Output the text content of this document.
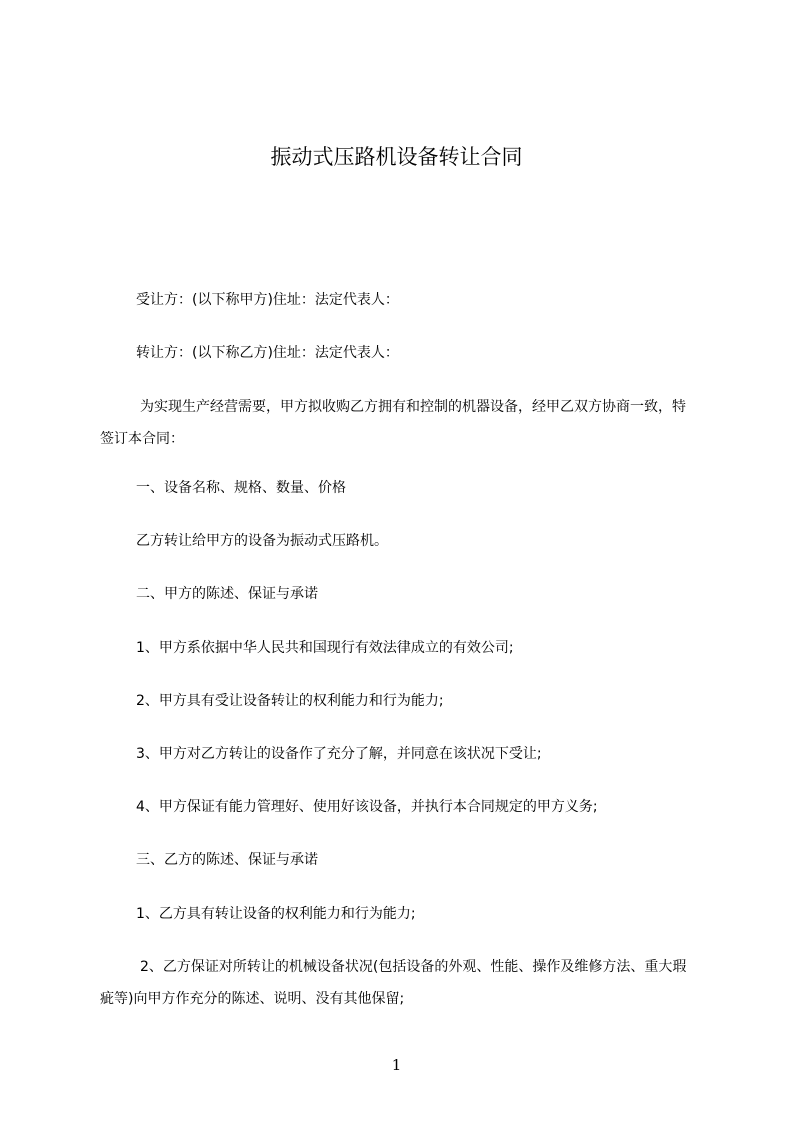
振动式压路机设备转让合同

受让方：(以下称甲方)住址：法定代表人：

转让方：(以下称乙方)住址：法定代表人：

为实现生产经营需要，甲方拟收购乙方拥有和控制的机器设备，经甲乙双方协商一致，特签订本合同：

一、设备名称、规格、数量、价格

乙方转让给甲方的设备为振动式压路机。

二、甲方的陈述、保证与承诺

1、甲方系依据中华人民共和国现行有效法律成立的有效公司;

2、甲方具有受让设备转让的权利能力和行为能力;

3、甲方对乙方转让的设备作了充分了解，并同意在该状况下受让;

4、甲方保证有能力管理好、使用好该设备，并执行本合同规定的甲方义务;

三、乙方的陈述、保证与承诺

1、乙方具有转让设备的权利能力和行为能力;

2、乙方保证对所转让的机械设备状况(包括设备的外观、性能、操作及维修方法、重大瑕疵等)向甲方作充分的陈述、说明、没有其他保留;

1
